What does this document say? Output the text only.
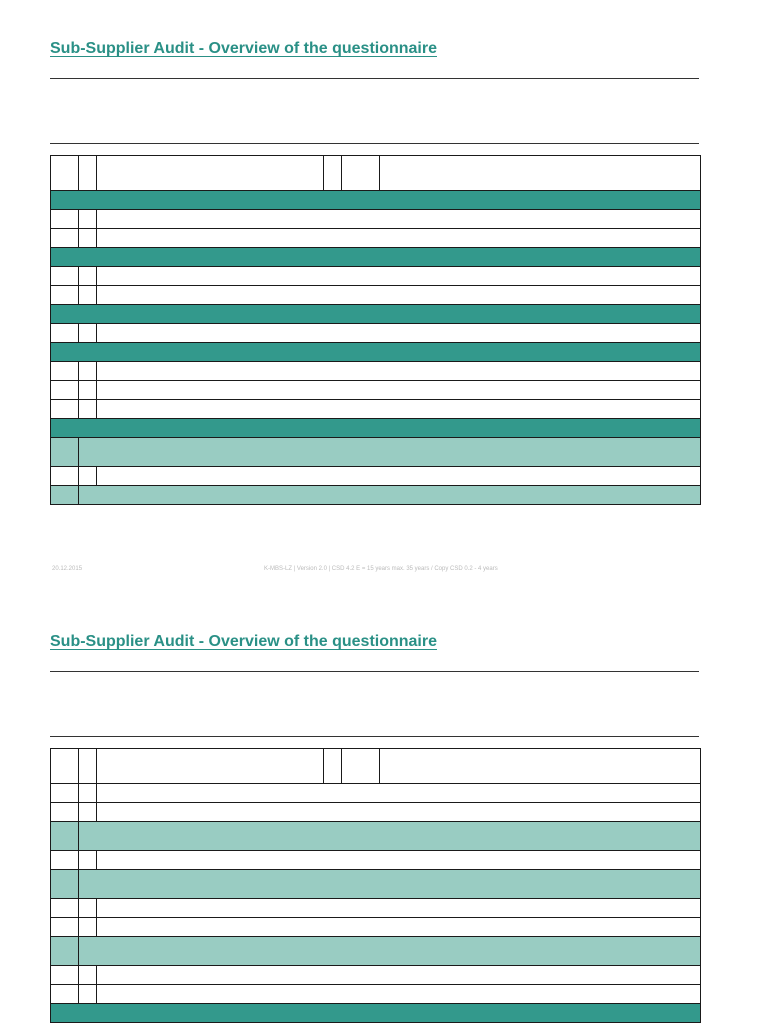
Sub-Supplier Audit - Overview of the questionnaire

20.12.2015	K-MBS-LZ | Version 2.0 | CSD 4.2 E = 15 years max. 35 years / Copy CSD 0.2 - 4 years
Sub-Supplier Audit - Overview of the questionnaire
